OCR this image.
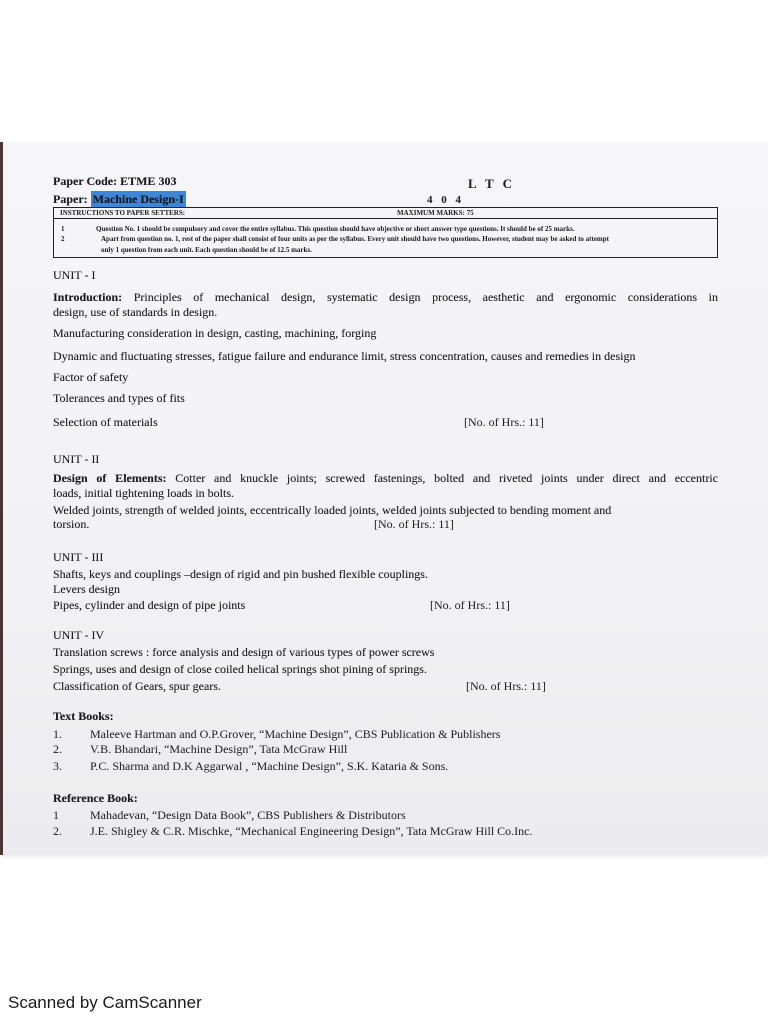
Paper Code: ETME 303	L T C
Paper: Machine Design-I	4 0 4
INSTRUCTIONS TO PAPER SETTERS:	MAXIMUM MARKS: 75
1	Question No. 1 should be compulsory and cover the entire syllabus. This question should have objective or short answer type questions. It should be of 25 marks.
2	Apart from question no. 1, rest of the paper shall consist of four units as per the syllabus. Every unit should have two questions. However, student may be asked to attempt
only 1 question from each unit. Each question should be of 12.5 marks.
UNIT - I
Introduction: Principles of mechanical design, systematic design process, aesthetic and ergonomic considerations in
design, use of standards in design.
Manufacturing consideration in design, casting, machining, forging
Dynamic and fluctuating stresses, fatigue failure and endurance limit, stress concentration, causes and remedies in design
Factor of safety
Tolerances and types of fits
Selection of materials	[No. of Hrs.: 11]
UNIT - II
Design of Elements: Cotter and knuckle joints; screwed fastenings, bolted and riveted joints under direct and eccentric
loads, initial tightening loads in bolts.
Welded joints, strength of welded joints, eccentrically loaded joints, welded joints subjected to bending moment and
torsion.	[No. of Hrs.: 11]
UNIT - III
Shafts, keys and couplings –design of rigid and pin bushed flexible couplings.
Levers design
Pipes, cylinder and design of pipe joints	[No. of Hrs.: 11]
UNIT - IV
Translation screws : force analysis and design of various types of power screws
Springs, uses and design of close coiled helical springs shot pining of springs.
Classification of Gears, spur gears.	[No. of Hrs.: 11]
Text Books:
1. Maleeve Hartman and O.P.Grover, “Machine Design”, CBS Publication & Publishers
2. V.B. Bhandari, “Machine Design”, Tata McGraw Hill
3. P.C. Sharma and D.K Aggarwal , “Machine Design”, S.K. Kataria & Sons.
Reference Book:
1	Mahadevan, “Design Data Book”, CBS Publishers & Distributors
2. J.E. Shigley & C.R. Mischke, “Mechanical Engineering Design”, Tata McGraw Hill Co.Inc.
Scanned by CamScanner
